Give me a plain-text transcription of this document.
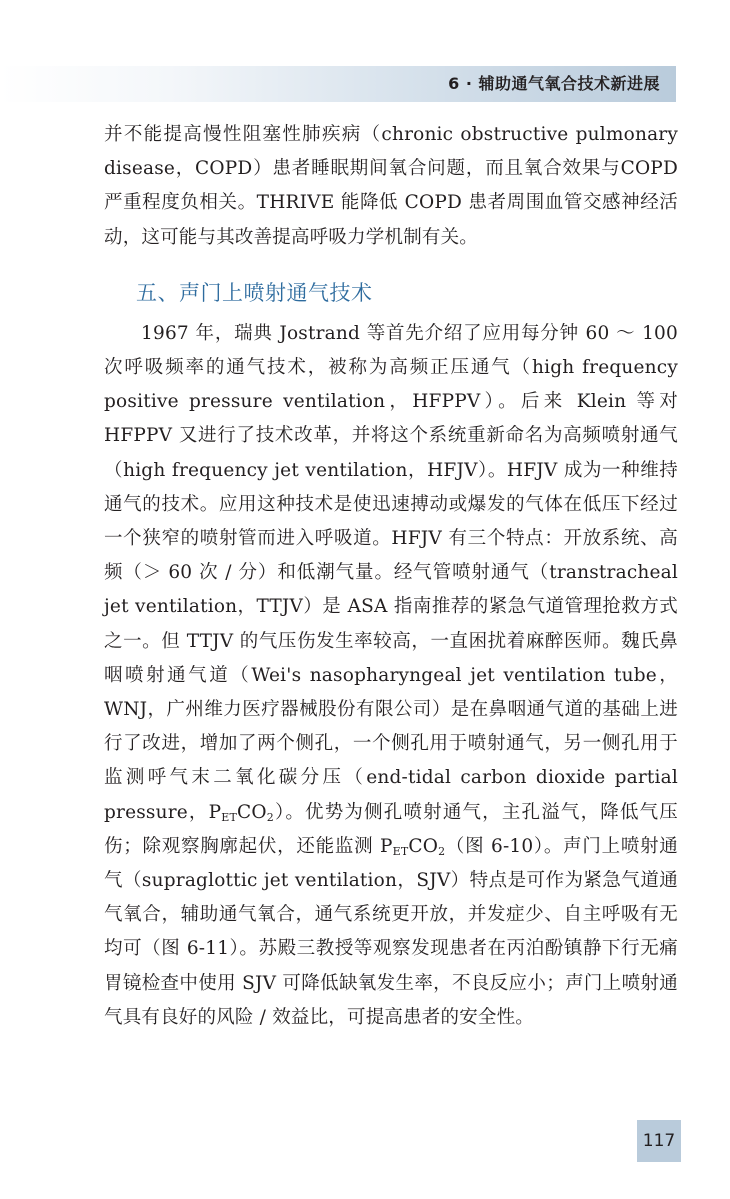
6 · 辅助通气氧合技术新进展

并不能提高慢性阻塞性肺疾病（chronic obstructive pulmonary disease，COPD）患者睡眠期间氧合问题，而且氧合效果与COPD 严重程度负相关。THRIVE 能降低 COPD 患者周围血管交感神经活动，这可能与其改善提高呼吸力学机制有关。

五、声门上喷射通气技术

1967 年，瑞典 Jostrand 等首先介绍了应用每分钟 60 ～ 100 次呼吸频率的通气技术，被称为高频正压通气（high frequency positive pressure ventilation，HFPPV）。后来 Klein 等对 HFPPV 又进行了技术改革，并将这个系统重新命名为高频喷射通气（high frequency jet ventilation，HFJV）。HFJV 成为一种维持通气的技术。应用这种技术是使迅速搏动或爆发的气体在低压下经过一个狭窄的喷射管而进入呼吸道。HFJV 有三个特点：开放系统、高频（＞ 60 次 / 分）和低潮气量。经气管喷射通气（transtracheal jet ventilation，TTJV）是 ASA 指南推荐的紧急气道管理抢救方式之一。但 TTJV 的气压伤发生率较高，一直困扰着麻醉医师。魏氏鼻咽喷射通气道（Wei's nasopharyngeal jet ventilation tube，WNJ，广州维力医疗器械股份有限公司）是在鼻咽通气道的基础上进行了改进，增加了两个侧孔，一个侧孔用于喷射通气，另一侧孔用于监测呼气末二氧化碳分压（end-tidal carbon dioxide partial pressure，$P_{ET}CO_2$）。优势为侧孔喷射通气，主孔溢气，降低气压伤；除观察胸廓起伏，还能监测 $P_{ET}CO_2$（图 6-10）。声门上喷射通气（supraglottic jet ventilation，SJV）特点是可作为紧急气道通气氧合，辅助通气氧合，通气系统更开放，并发症少、自主呼吸有无均可（图 6-11）。苏殿三教授等观察发现患者在丙泊酚镇静下行无痛胃镜检查中使用 SJV 可降低缺氧发生率，不良反应小；声门上喷射通气具有良好的风险 / 效益比，可提高患者的安全性。

117
